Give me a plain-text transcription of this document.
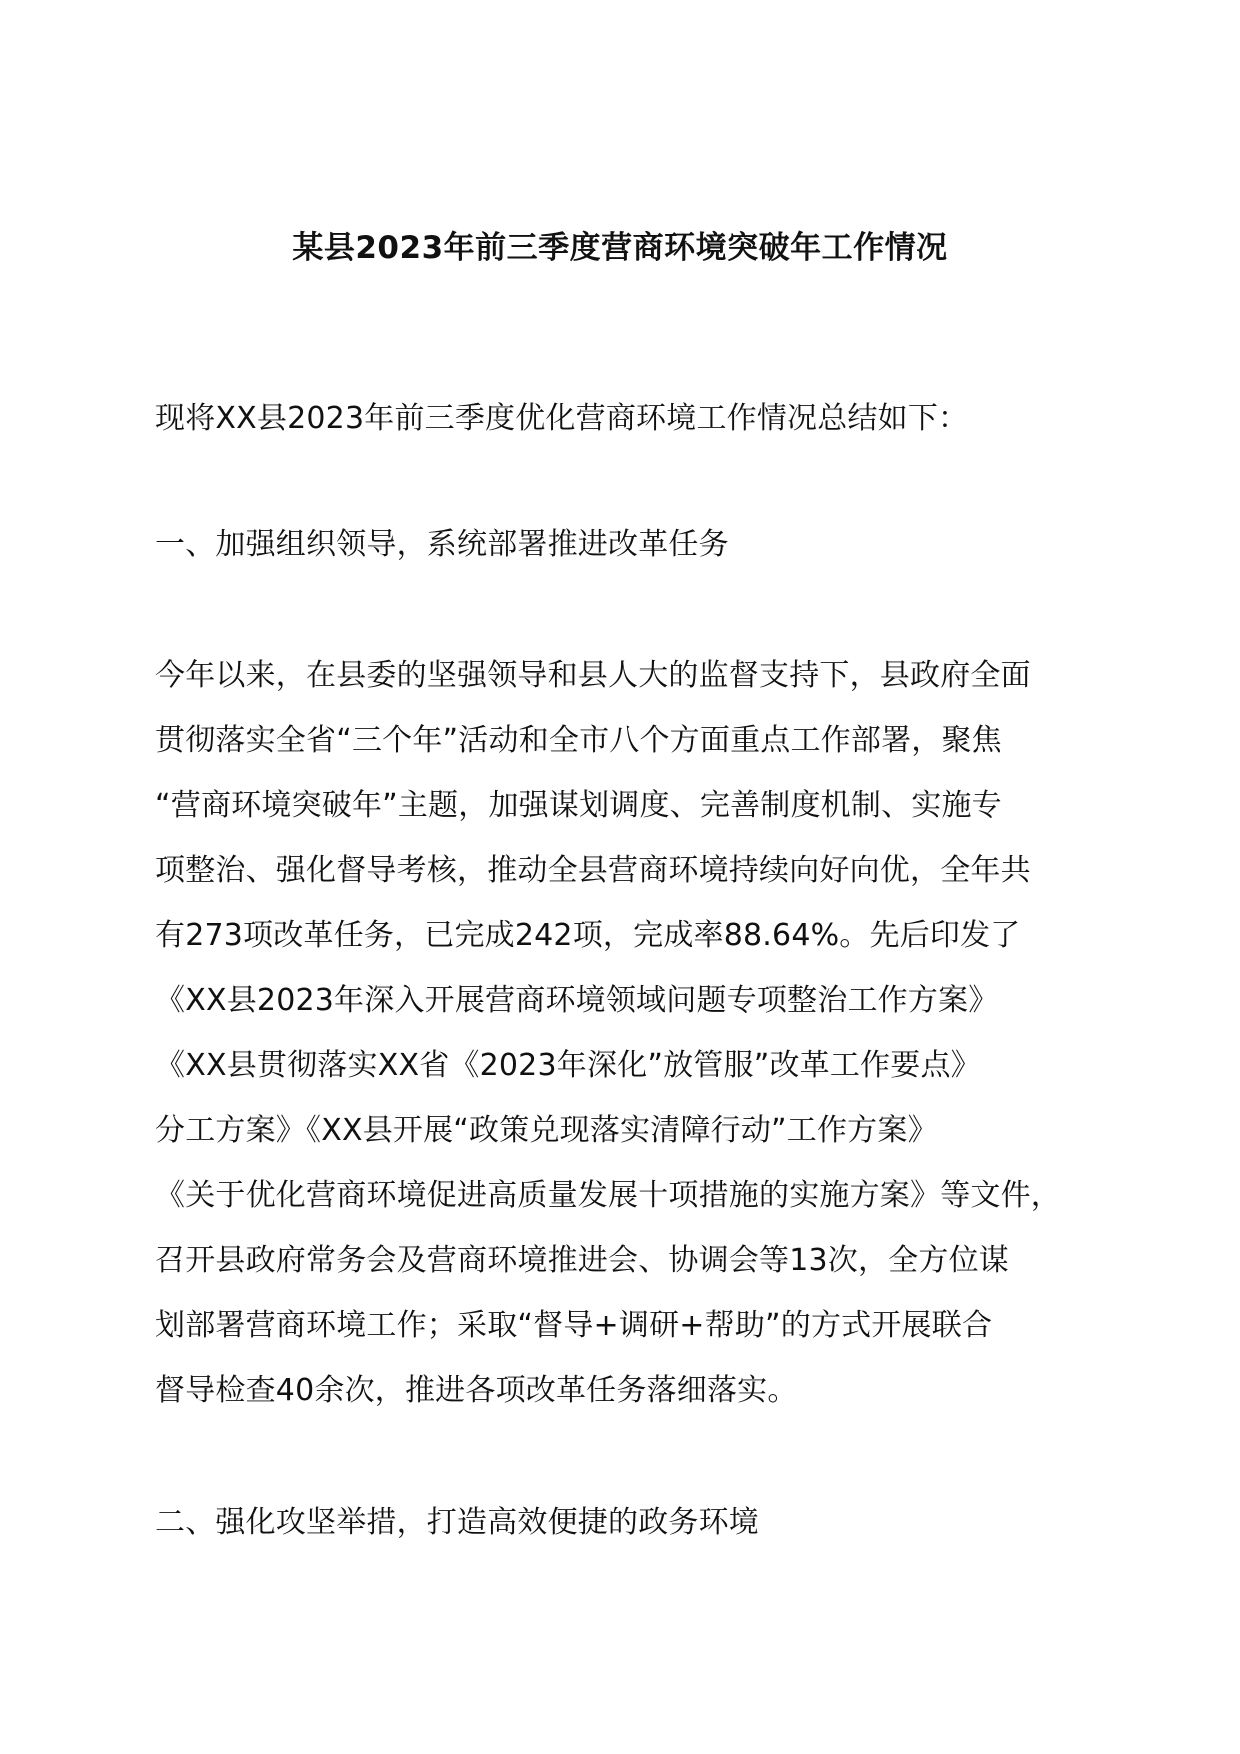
某县2023年前三季度营商环境突破年工作情况
现将XX县2023年前三季度优化营商环境工作情况总结如下：
一、加强组织领导，系统部署推进改革任务
今年以来，在县委的坚强领导和县人大的监督支持下，县政府全面
贯彻落实全省“三个年”活动和全市八个方面重点工作部署，聚焦
“营商环境突破年”主题，加强谋划调度、完善制度机制、实施专
项整治、强化督导考核，推动全县营商环境持续向好向优，全年共
有273项改革任务，已完成242项，完成率88.64%。先后印发了
《XX县2023年深入开展营商环境领域问题专项整治工作方案》
《XX县贯彻落实XX省《2023年深化”放管服”改革工作要点》
分工方案》《XX县开展“政策兑现落实清障行动”工作方案》
《关于优化营商环境促进高质量发展十项措施的实施方案》等文件，
召开县政府常务会及营商环境推进会、协调会等13次，全方位谋
划部署营商环境工作；采取“督导+调研+帮助”的方式开展联合
督导检查40余次，推进各项改革任务落细落实。
二、强化攻坚举措，打造高效便捷的政务环境
